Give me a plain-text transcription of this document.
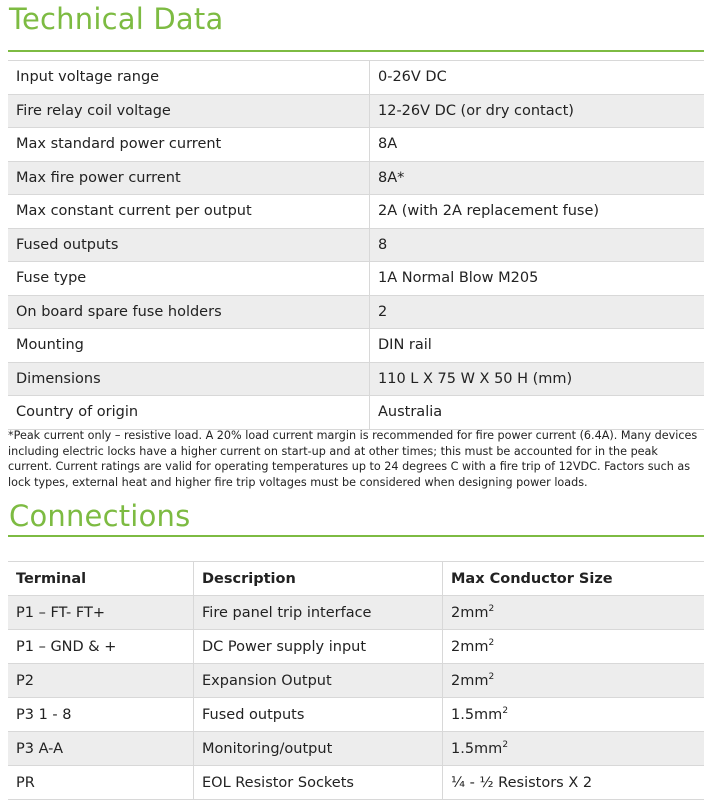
Technical Data
Input voltage range	0-26V DC
Fire relay coil voltage	12-26V DC (or dry contact)
Max standard power current	8A
Max fire power current	8A*
Max constant current per output	2A (with 2A replacement fuse)
Fused outputs	8
Fuse type	1A Normal Blow M205
On board spare fuse holders	2
Mounting	DIN rail
Dimensions	110 L X 75 W X 50 H (mm)
Country of origin	Australia

*Peak current only – resistive load. A 20% load current margin is recommended for fire power current (6.4A). Many devices including electric locks have a higher current on start-up and at other times; this must be accounted for in the peak current. Current ratings are valid for operating temperatures up to 24 degrees C with a fire trip of 12VDC. Factors such as lock types, external heat and higher fire trip voltages must be considered when designing power loads.

Connections
Terminal	Description	Max Conductor Size
P1 – FT- FT+	Fire panel trip interface	$2mm^2$
P1 – GND & +	DC Power supply input	$2mm^2$
P2	Expansion Output	$2mm^2$
P3 1 - 8	Fused outputs	$1.5mm^2$
P3 A-A	Monitoring/output	$1.5mm^2$
PR	EOL Resistor Sockets	¼ - ½ Resistors X 2
